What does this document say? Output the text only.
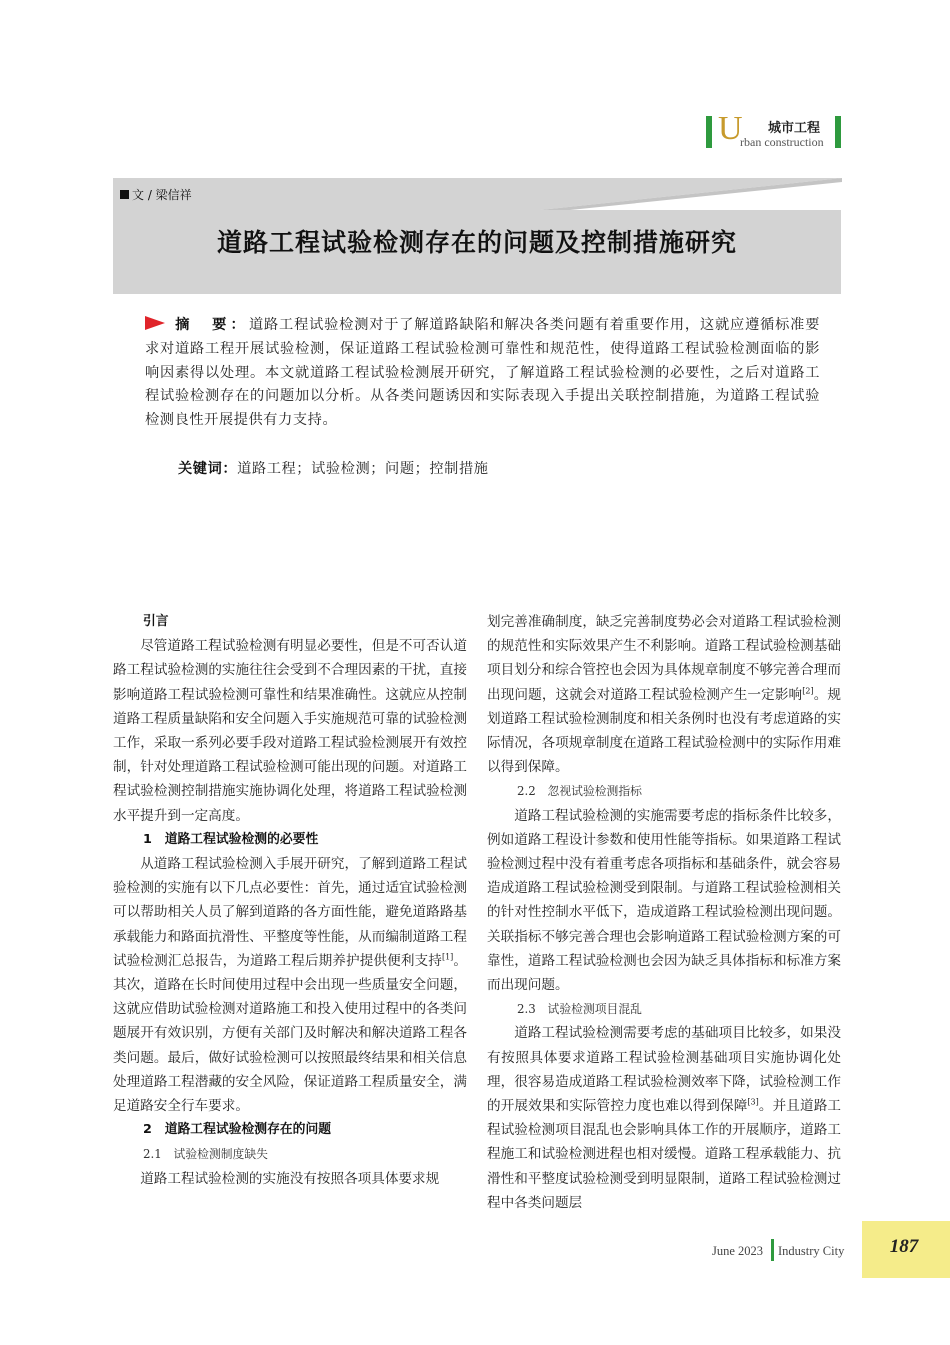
U 城市工程
rban construction
文 / 梁信祥
道路工程试验检测存在的问题及控制措施研究
摘　要：道路工程试验检测对于了解道路缺陷和解决各类问题有着重要作用，这就应遵循标准要求对道路工程开展试验检测，保证道路工程试验检测可靠性和规范性，使得道路工程试验检测面临的影响因素得以处理。本文就道路工程试验检测展开研究，了解道路工程试验检测的必要性，之后对道路工程试验检测存在的问题加以分析。从各类问题诱因和实际表现入手提出关联控制措施，为道路工程试验检测良性开展提供有力支持。
关键词：道路工程；试验检测；问题；控制措施

引言

尽管道路工程试验检测有明显必要性，但是不可否认道路工程试验检测的实施往往会受到不合理因素的干扰，直接影响道路工程试验检测可靠性和结果准确性。这就应从控制道路工程质量缺陷和安全问题入手实施规范可靠的试验检测工作，采取一系列必要手段对道路工程试验检测展开有效控制，针对处理道路工程试验检测可能出现的问题。对道路工程试验检测控制措施实施协调化处理，将道路工程试验检测水平提升到一定高度。

1　道路工程试验检测的必要性

从道路工程试验检测入手展开研究，了解到道路工程试验检测的实施有以下几点必要性：首先，通过适宜试验检测可以帮助相关人员了解到道路的各方面性能，避免道路路基承载能力和路面抗滑性、平整度等性能，从而编制道路工程试验检测汇总报告，为道路工程后期养护提供便利支持[1]。其次，道路在长时间使用过程中会出现一些质量安全问题，这就应借助试验检测对道路施工和投入使用过程中的各类问题展开有效识别，方便有关部门及时解决和解决道路工程各类问题。最后，做好试验检测可以按照最终结果和相关信息处理道路工程潜藏的安全风险，保证道路工程质量安全，满足道路安全行车要求。

2　道路工程试验检测存在的问题

2.1　试验检测制度缺失

道路工程试验检测的实施没有按照各项具体要求规

划完善准确制度，缺乏完善制度势必会对道路工程试验检测的规范性和实际效果产生不利影响。道路工程试验检测基础项目划分和综合管控也会因为具体规章制度不够完善合理而出现问题，这就会对道路工程试验检测产生一定影响[2]。规划道路工程试验检测制度和相关条例时也没有考虑道路的实际情况，各项规章制度在道路工程试验检测中的实际作用难以得到保障。

2.2　忽视试验检测指标

道路工程试验检测的实施需要考虑的指标条件比较多，例如道路工程设计参数和使用性能等指标。如果道路工程试验检测过程中没有着重考虑各项指标和基础条件，就会容易造成道路工程试验检测受到限制。与道路工程试验检测相关的针对性控制水平低下，造成道路工程试验检测出现问题。关联指标不够完善合理也会影响道路工程试验检测方案的可靠性，道路工程试验检测也会因为缺乏具体指标和标准方案而出现问题。

2.3　试验检测项目混乱

道路工程试验检测需要考虑的基础项目比较多，如果没有按照具体要求道路工程试验检测基础项目实施协调化处理，很容易造成道路工程试验检测效率下降，试验检测工作的开展效果和实际管控力度也难以得到保障[3]。并且道路工程试验检测项目混乱也会影响具体工作的开展顺序，道路工程施工和试验检测进程也相对缓慢。道路工程承载能力、抗滑性和平整度试验检测受到明显限制，道路工程试验检测过程中各类问题层

June 2023 Industry City	187
